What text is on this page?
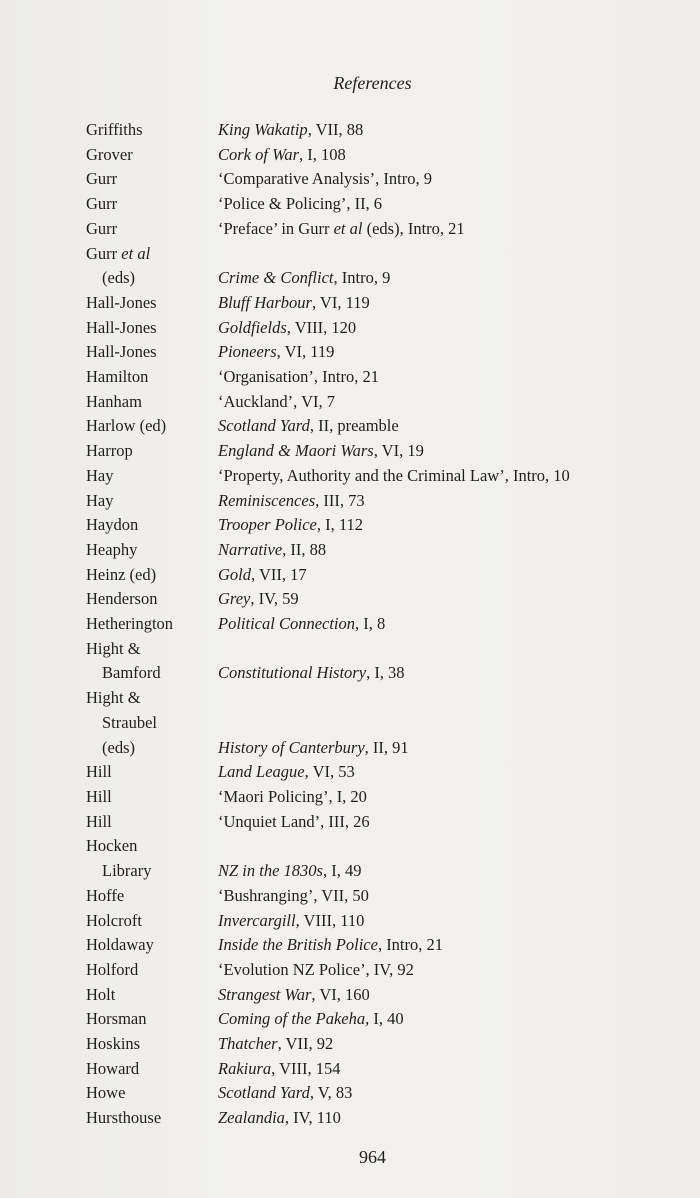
References
Griffiths	King Wakatip, VII, 88
Grover	Cork of War, I, 108
Gurr	‘Comparative Analysis’, Intro, 9
Gurr	‘Police & Policing’, II, 6
Gurr	‘Preface’ in Gurr et al (eds), Intro, 21
Gurr et al
(eds)	Crime & Conflict, Intro, 9
Hall-Jones	Bluff Harbour, VI, 119
Hall-Jones	Goldfields, VIII, 120
Hall-Jones	Pioneers, VI, 119
Hamilton	‘Organisation’, Intro, 21
Hanham	‘Auckland’, VI, 7
Harlow (ed)	Scotland Yard, II, preamble
Harrop	England & Maori Wars, VI, 19
Hay	‘Property, Authority and the Criminal Law’, Intro, 10
Hay	Reminiscences, III, 73
Haydon	Trooper Police, I, 112
Heaphy	Narrative, II, 88
Heinz (ed)	Gold, VII, 17
Henderson	Grey, IV, 59
Hetherington	Political Connection, I, 8
Hight &
Bamford	Constitutional History, I, 38
Hight &
Straubel
(eds)	History of Canterbury, II, 91
Hill	Land League, VI, 53
Hill	‘Maori Policing’, I, 20
Hill	‘Unquiet Land’, III, 26
Hocken
Library	NZ in the 1830s, I, 49
Hoffe	‘Bushranging’, VII, 50
Holcroft	Invercargill, VIII, 110
Holdaway	Inside the British Police, Intro, 21
Holford	‘Evolution NZ Police’, IV, 92
Holt	Strangest War, VI, 160
Horsman	Coming of the Pakeha, I, 40
Hoskins	Thatcher, VII, 92
Howard	Rakiura, VIII, 154
Howe	Scotland Yard, V, 83
Hursthouse	Zealandia, IV, 110
964
